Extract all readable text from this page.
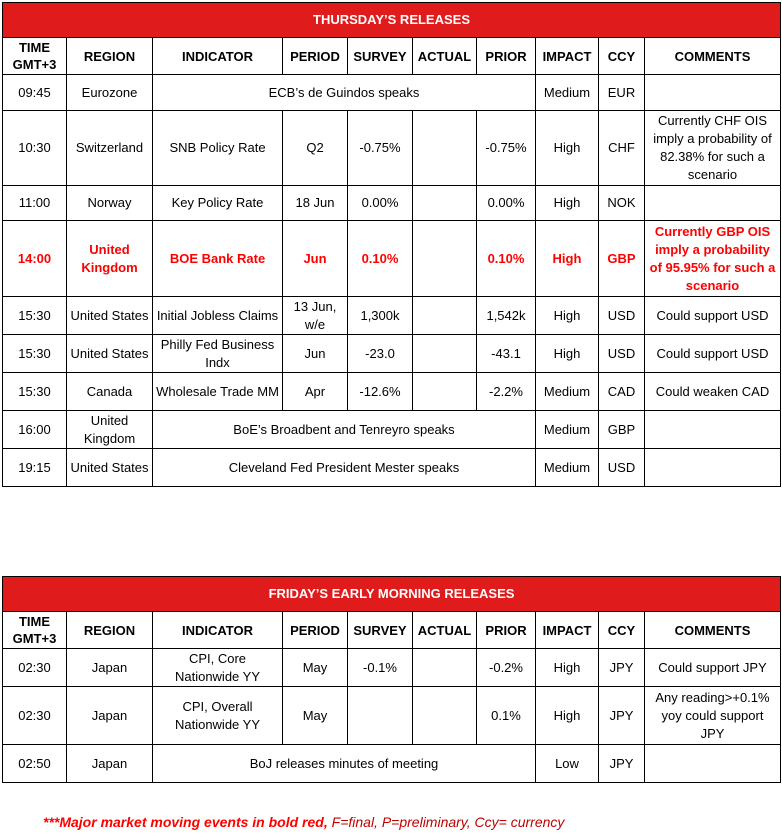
THURSDAY’S RELEASES									
TIME GMT+3	REGION	INDICATOR	PERIOD	SURVEY	ACTUAL	PRIOR	IMPACT	CCY	COMMENTS
09:45	Eurozone	ECB’s de Guindos speaks					Medium	EUR	
10:30	Switzerland	SNB Policy Rate	Q2	-0.75%		-0.75%	High	CHF	Currently CHF OIS imply a probability of 82.38% for such a scenario
11:00	Norway	Key Policy Rate	18 Jun	0.00%		0.00%	High	NOK	
14:00	United Kingdom	BOE Bank Rate	Jun	0.10%		0.10%	High	GBP	Currently GBP OIS imply a probability of 95.95% for such a scenario
15:30	United States	Initial Jobless Claims	13 Jun, w/e	1,300k		1,542k	High	USD	Could support USD
15:30	United States	Philly Fed Business Indx	Jun	-23.0		-43.1	High	USD	Could support USD
15:30	Canada	Wholesale Trade MM	Apr	-12.6%		-2.2%	Medium	CAD	Could weaken CAD
16:00	United Kingdom	BoE’s Broadbent and Tenreyro speaks					Medium	GBP	
19:15	United States	Cleveland Fed President Mester speaks					Medium	USD	
FRIDAY’S EARLY MORNING RELEASES									
TIME GMT+3	REGION	INDICATOR	PERIOD	SURVEY	ACTUAL	PRIOR	IMPACT	CCY	COMMENTS
02:30	Japan	CPI, Core Nationwide YY	May	-0.1%		-0.2%	High	JPY	Could support JPY
02:30	Japan	CPI, Overall Nationwide YY	May			0.1%	High	JPY	Any reading>+0.1% yoy could support JPY
02:50	Japan	BoJ releases minutes of meeting					Low	JPY	
***Major market moving events in bold red, F=final, P=preliminary, Ccy= currency
